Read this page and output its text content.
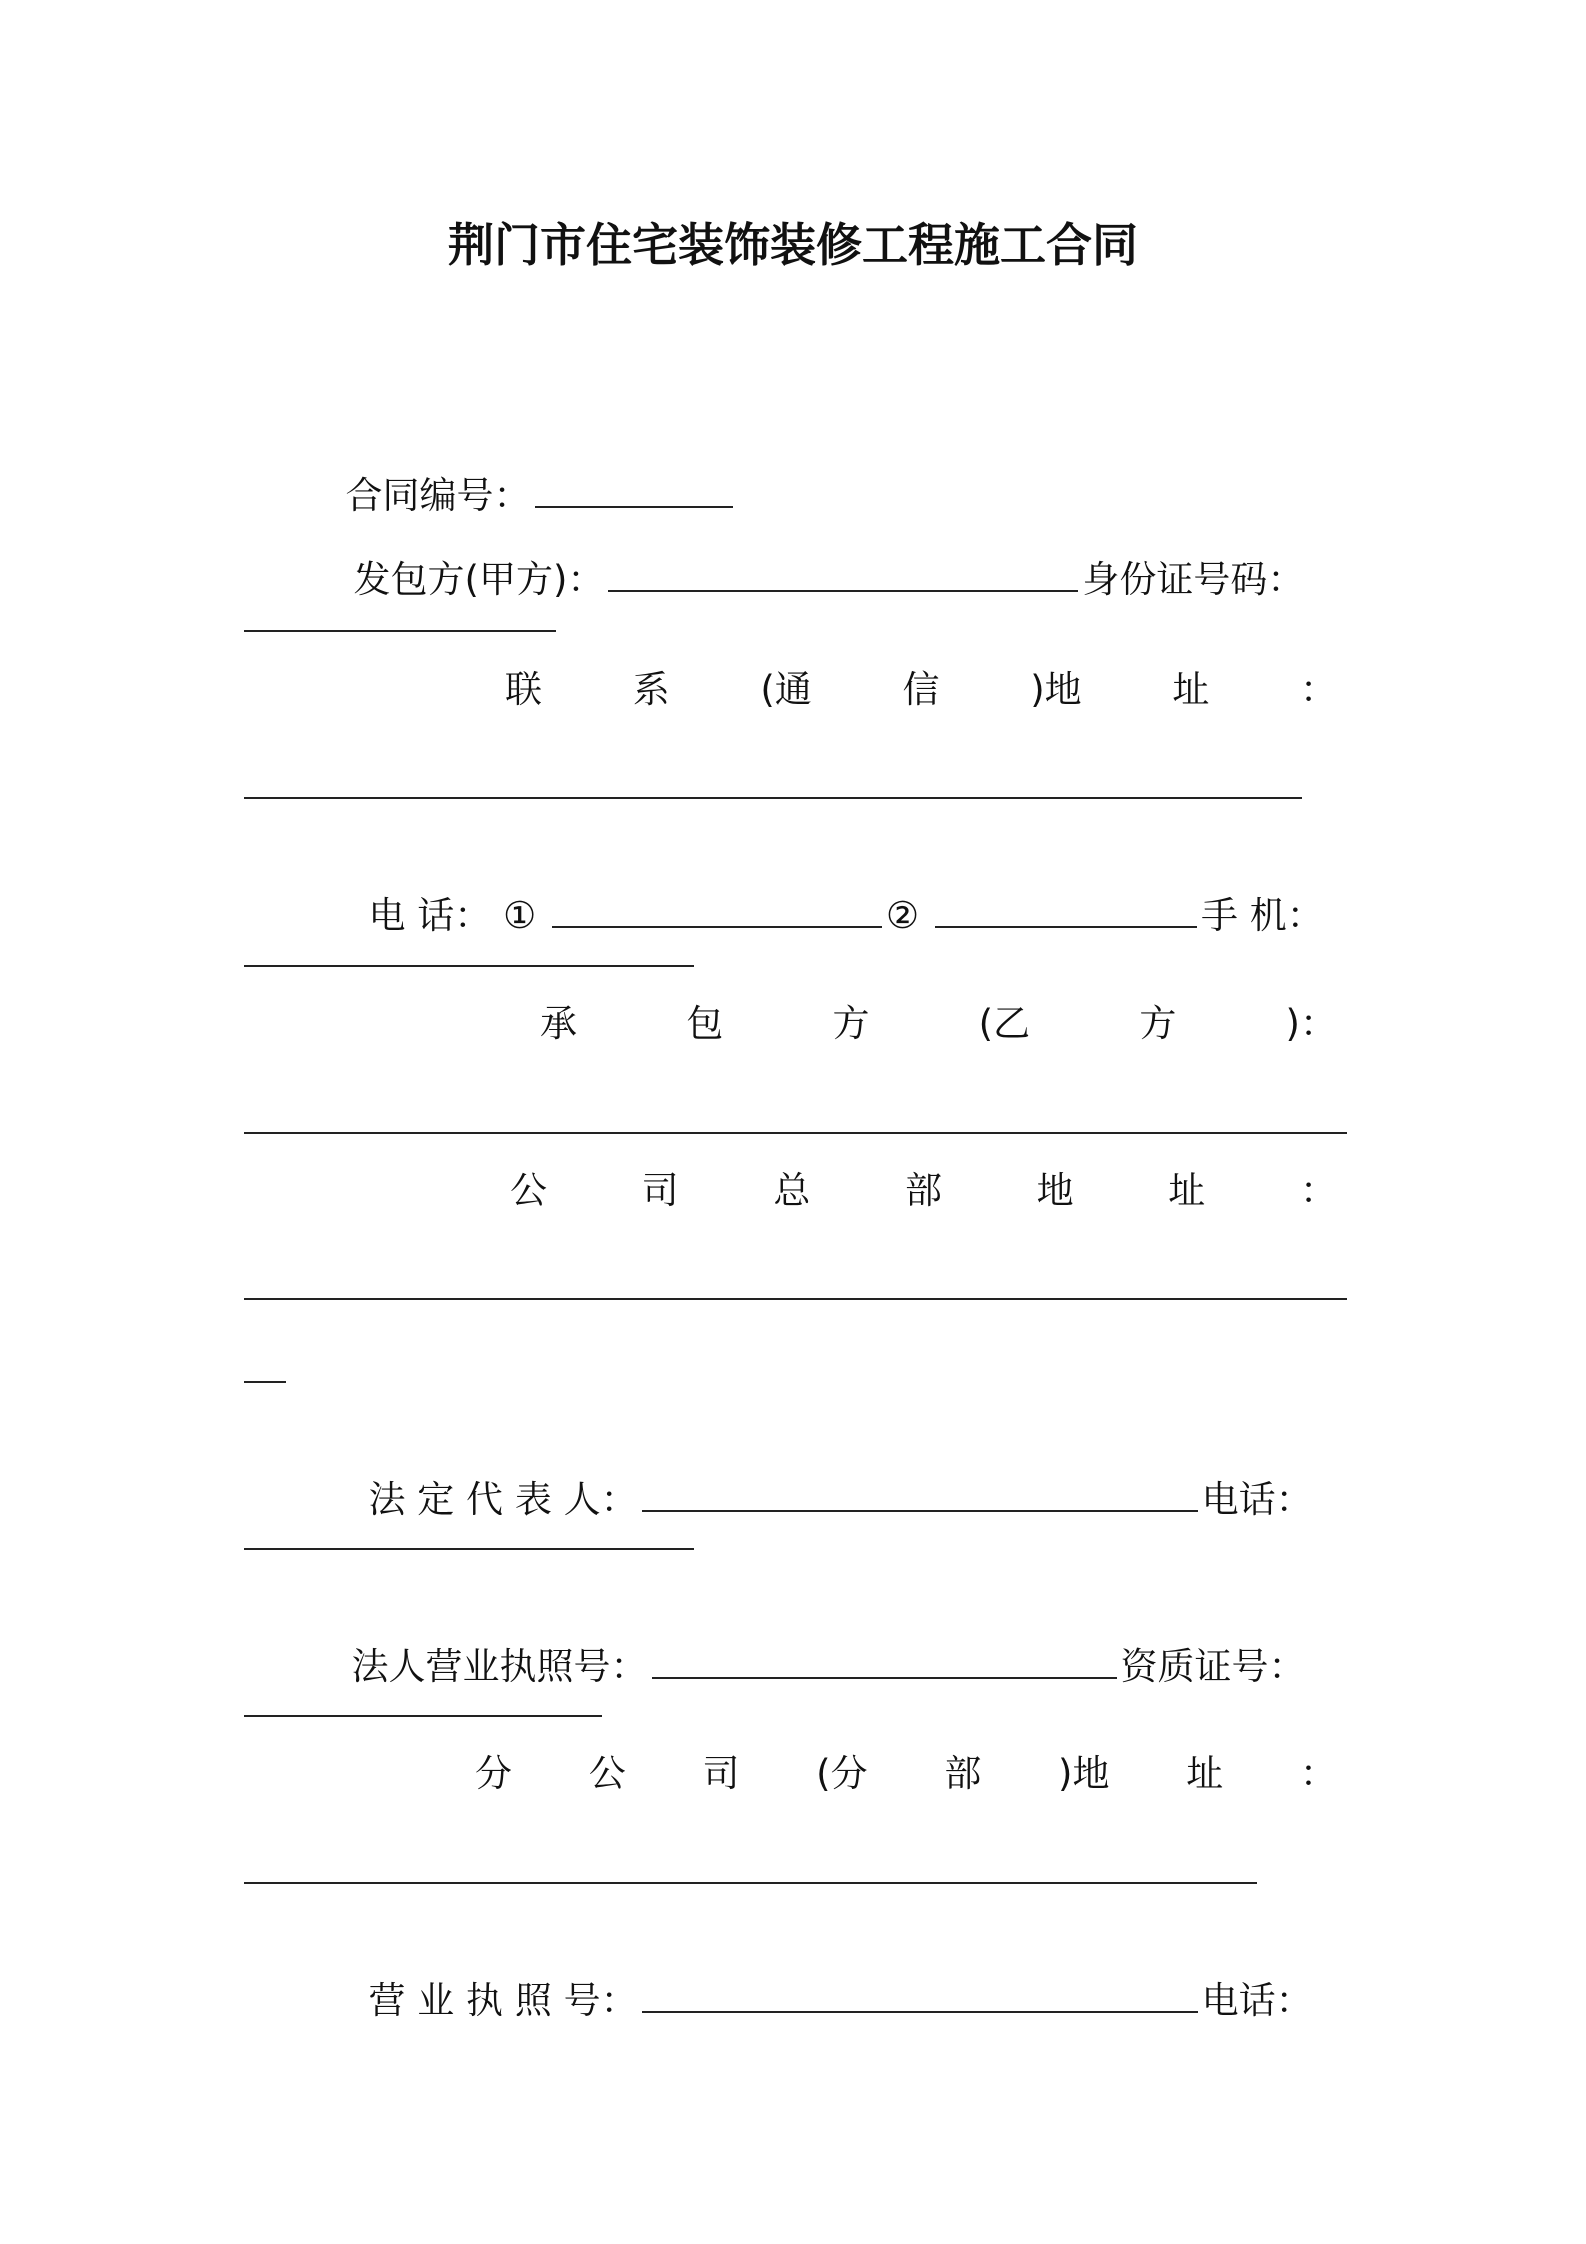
荆门市住宅装饰装修工程施工合同

合同编号：

发包方(甲方)：	身份证号码：

联 系 (通 信 )地 址 ：

电 话： ①	②	手 机：

承	包	方	(乙	方	)：
公	司	总	部	地	址	：

法 定 代 表 人：	电话：

法人营业执照号：	资质证号：

分 公 司 (分 部 )地 址 ：

营 业 执 照 号：	电话：
